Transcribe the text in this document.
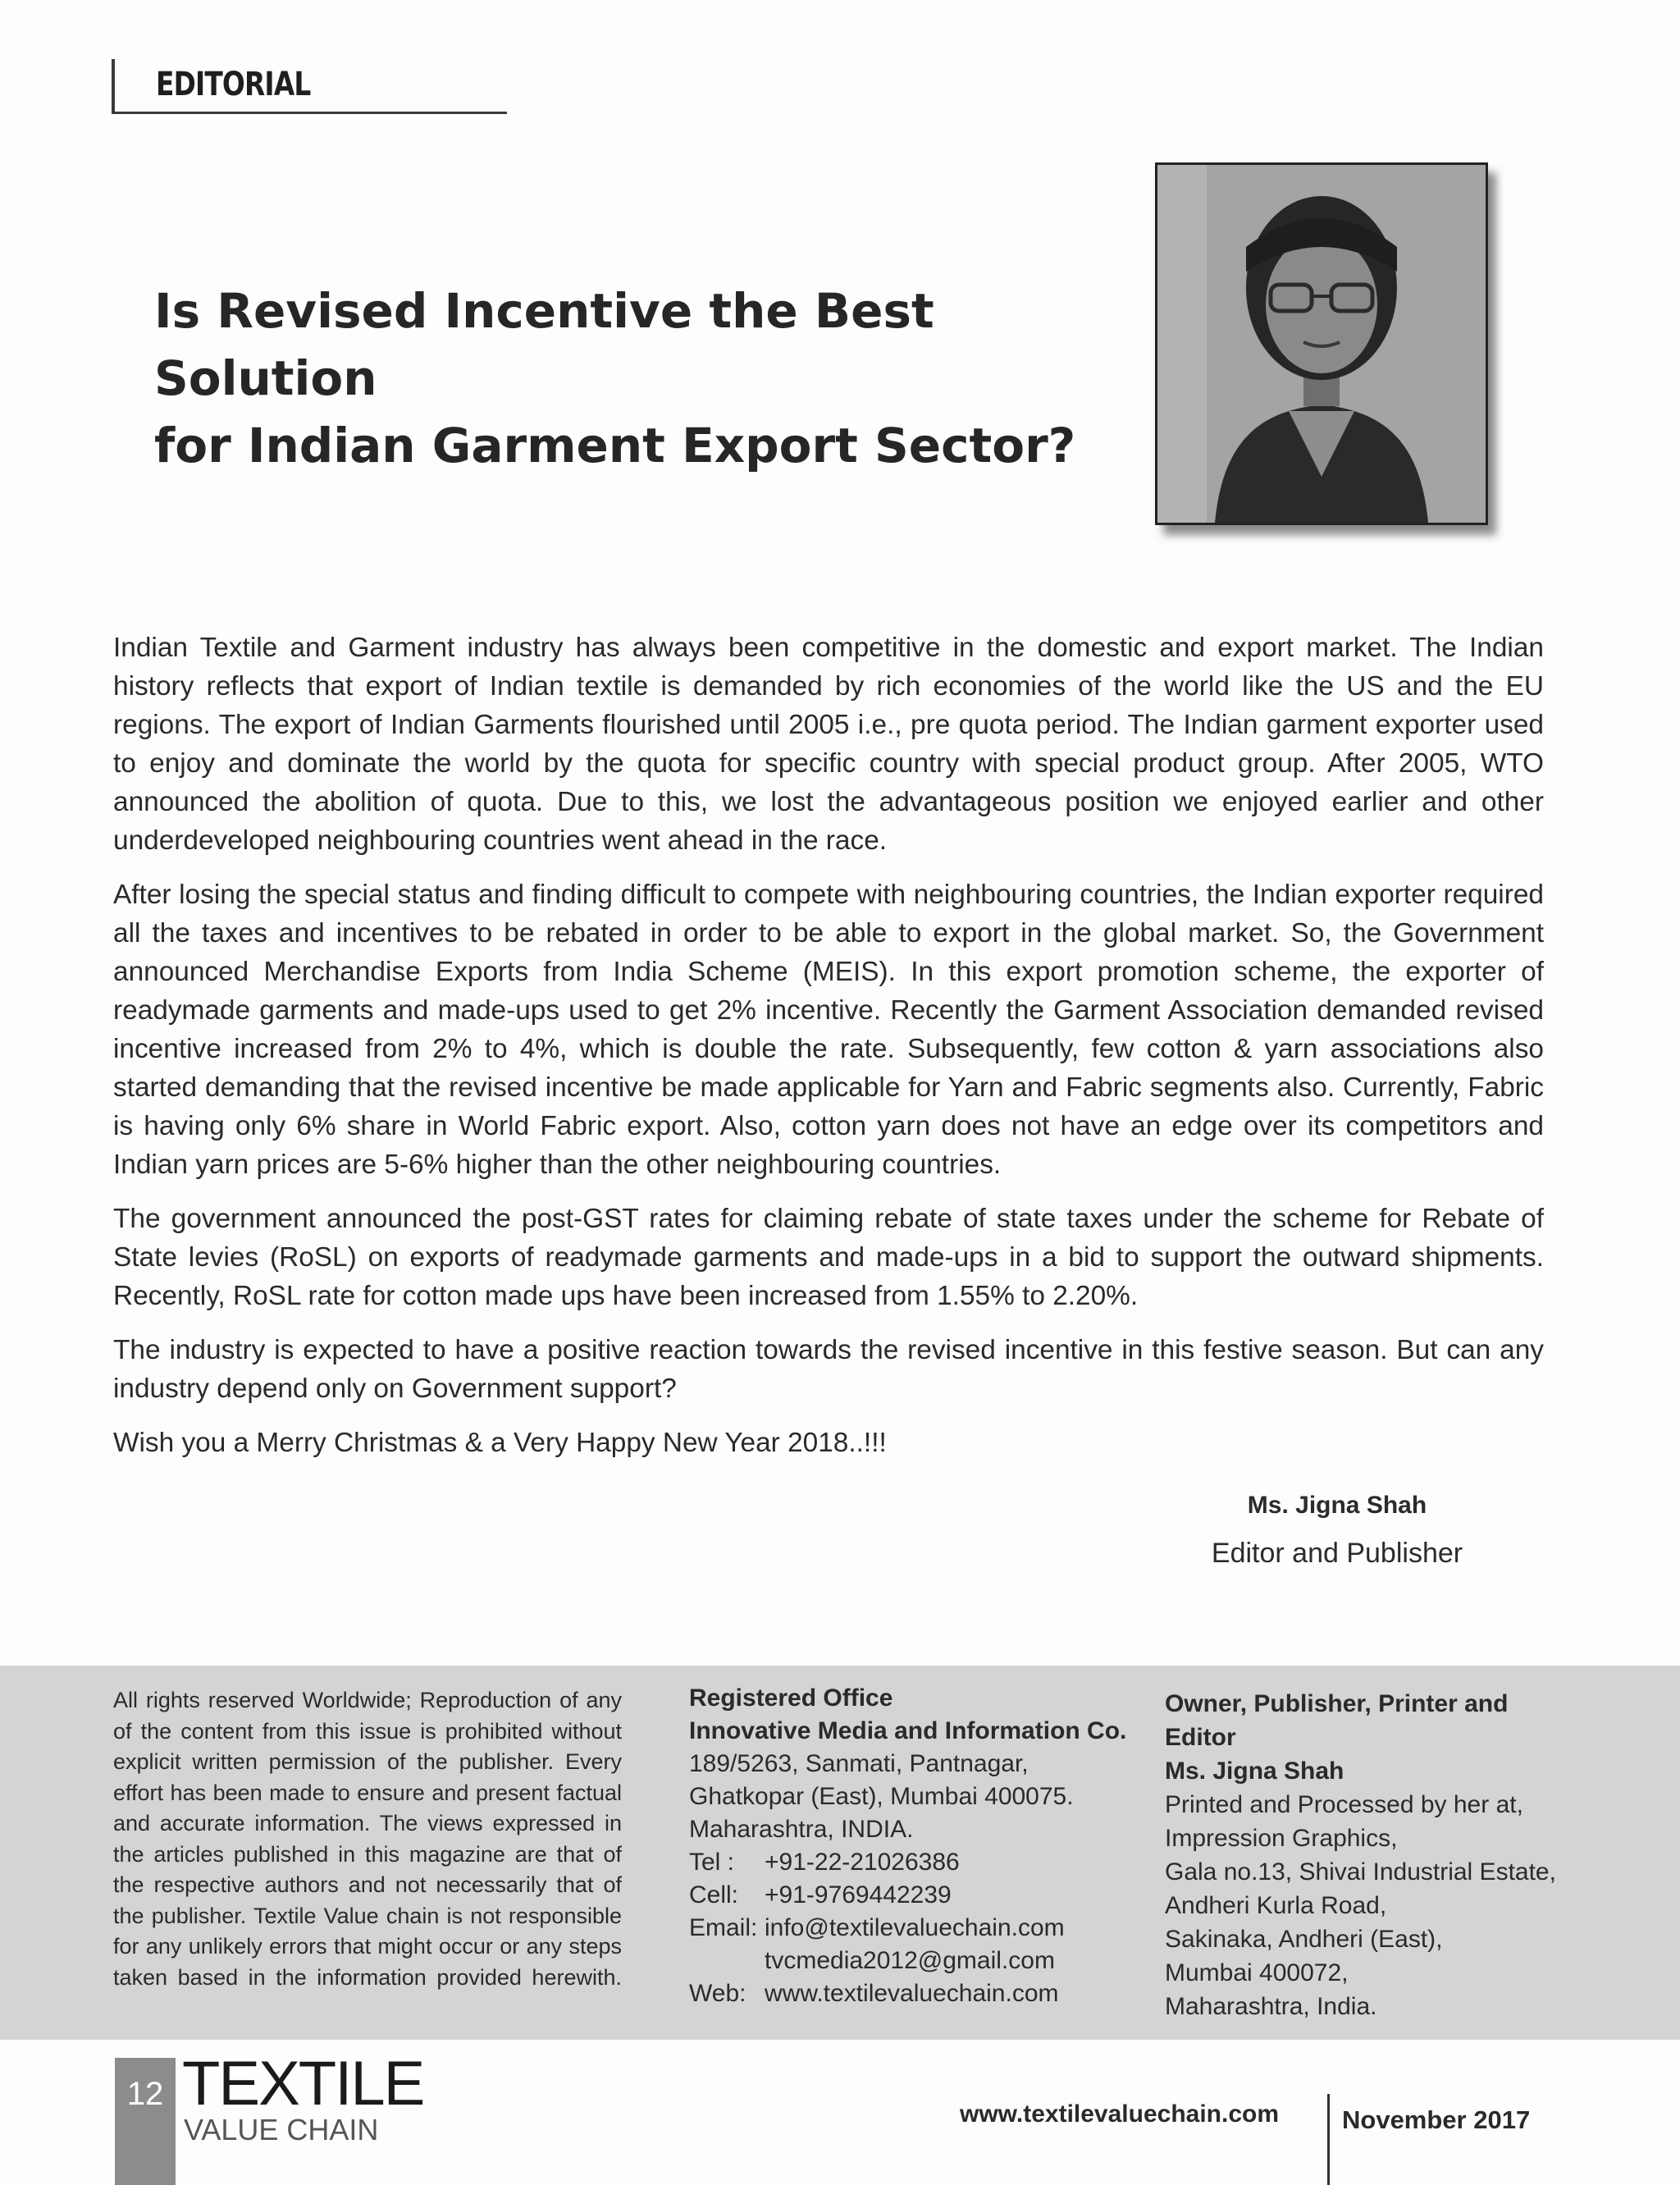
EDITORIAL
Is Revised Incentive the Best Solution
for Indian Garment Export Sector?

Indian Textile and Garment industry has always been competitive in the domestic and export market. The Indian history reflects that export of Indian textile is demanded by rich economies of the world like the US and the EU regions. The export of Indian Garments flourished until 2005 i.e., pre quota period. The Indian garment exporter used to enjoy and dominate the world by the quota for specific country with special product group. After 2005, WTO announced the abolition of quota. Due to this, we lost the advantageous position we enjoyed earlier and other underdeveloped neighbouring countries went ahead in the race.

After losing the special status and finding difficult to compete with neighbouring countries, the Indian exporter required all the taxes and incentives to be rebated in order to be able to export in the global market. So, the Government announced Merchandise Exports from India Scheme (MEIS). In this export promotion scheme, the exporter of readymade garments and made-ups used to get 2% incentive. Recently the Garment Association demanded revised incentive increased from 2% to 4%, which is double the rate. Subsequently, few cotton & yarn associations also started demanding that the revised incentive be made applicable for Yarn and Fabric segments also. Currently, Fabric is having only 6% share in World Fabric export. Also, cotton yarn does not have an edge over its competitors and Indian yarn prices are 5-6% higher than the other neighbouring countries.

The government announced the post-GST rates for claiming rebate of state taxes under the scheme for Rebate of State levies (RoSL) on exports of readymade garments and made-ups in a bid to support the outward shipments. Recently, RoSL rate for cotton made ups have been increased from 1.55% to 2.20%.

The industry is expected to have a positive reaction towards the revised incentive in this festive season. But can any industry depend only on Government support?

Wish you a Merry Christmas & a Very Happy New Year 2018..!!!

Ms. Jigna Shah
Editor and Publisher

All rights reserved Worldwide; Reproduction of any of the content from this issue is prohibited without explicit written permission of the publisher. Every effort has been made to ensure and present factual and accurate information. The views expressed in the articles published in this magazine are that of the respective authors and not necessarily that of the publisher. Textile Value chain is not responsible for any unlikely errors that might occur or any steps taken based in the information provided herewith.

Registered Office
Innovative Media and Information Co.
189/5263, Sanmati, Pantnagar,
Ghatkopar (East), Mumbai 400075.
Maharashtra, INDIA.
Tel :	+91-22-21026386
Cell:	+91-9769442239
Email: info@textilevaluechain.com
tvcmedia2012@gmail.com
Web: www.textilevaluechain.com
Owner, Publisher, Printer and
Editor
Ms. Jigna Shah
Printed and Processed by her at,
Impression Graphics,
Gala no.13, Shivai Industrial Estate,
Andheri Kurla Road,
Sakinaka, Andheri (East),
Mumbai 400072,
Maharashtra, India.
12 TEXTILE
VALUE CHAIN	www.textilevaluechain.com November 2017
